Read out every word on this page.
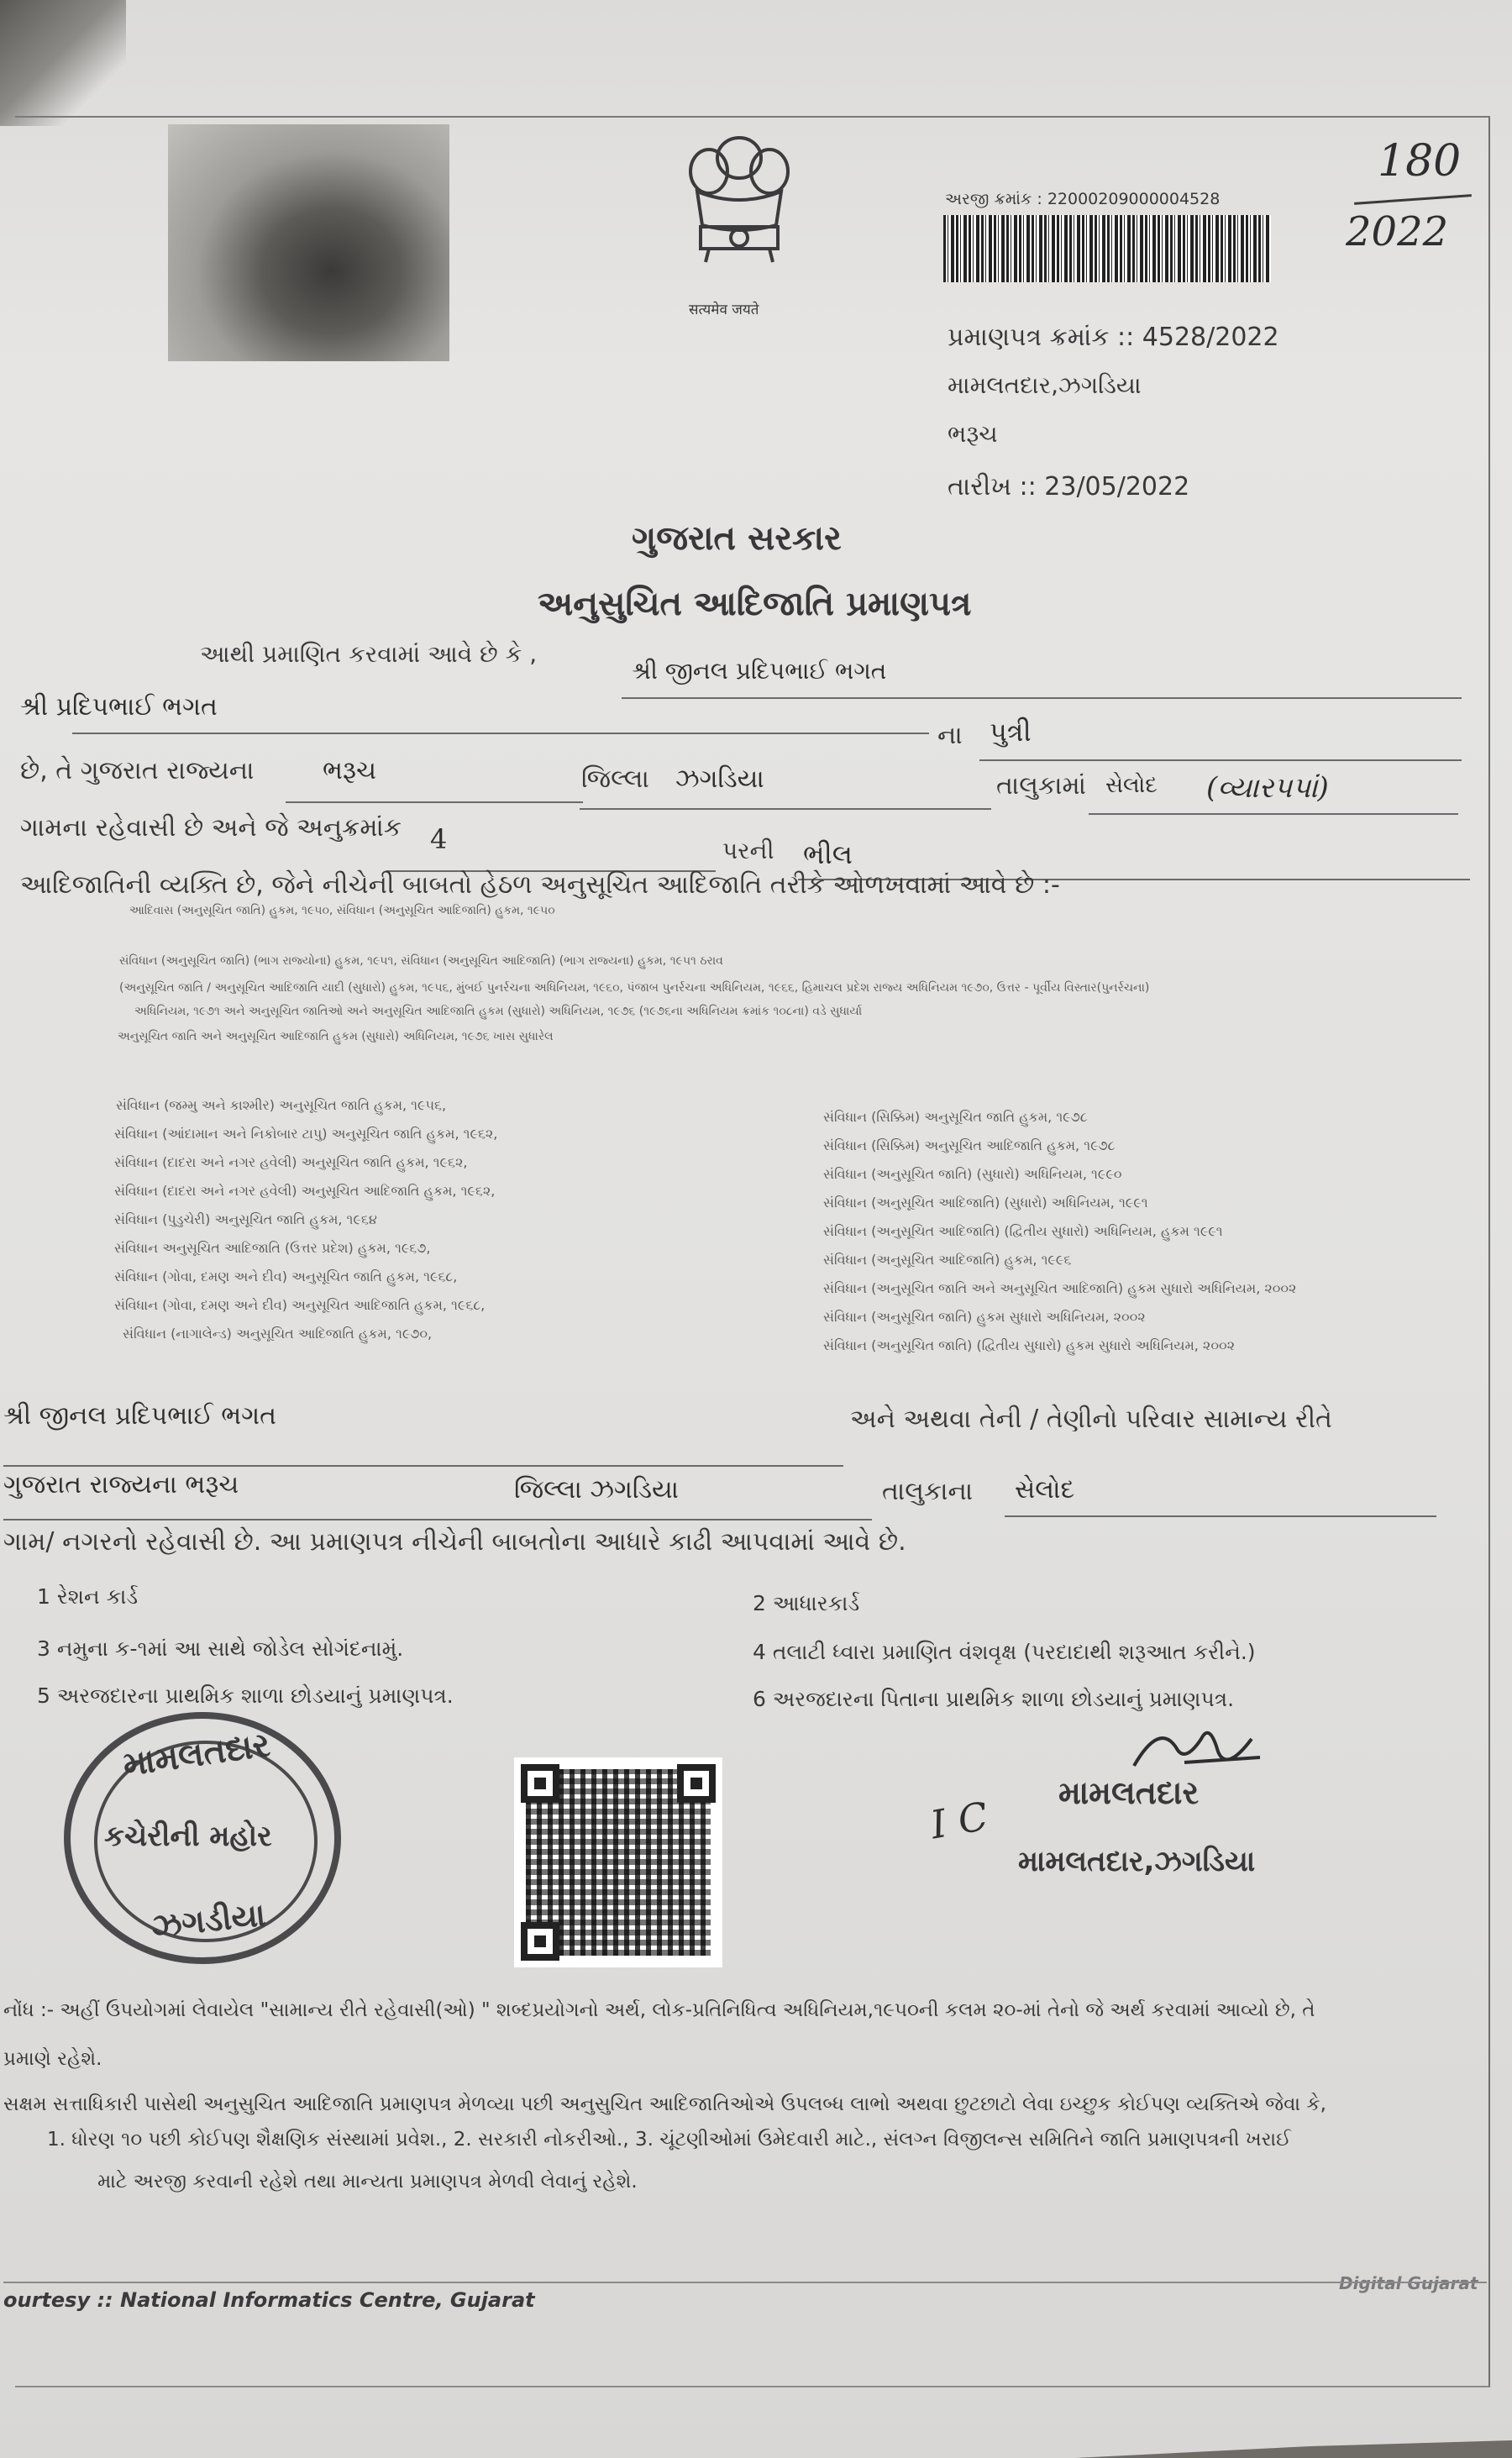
सत्यमेव जयते
અરજી ક્રમાંક : 22000209000004528
180
2022
પ્રમાણપત્ર ક્રમાંક :: 4528/2022
મામલતદાર,ઝગડિયા
ભરૂચ
તારીખ :: 23/05/2022
ગુજરાત સરકાર
અનુસુચિત આદિજાતિ પ્રમાણપત્ર
આથી પ્રમાણિત કરવામાં આવે છે કે ,
શ્રી જીનલ પ્રદિપભાઈ ભગત
શ્રી પ્રદિપભાઈ ભગત
ના પુત્રી
છે, તે ગુજરાત રાજ્યના	ભરૂચ	જિલ્લા ઝગડિયા	તાલુકામાં સેલોદ (વ્યારપપાં)
ગામના રહેવાસી છે અને જે અનુક્રમાંક 4	પરની ભીલ
આદિજાતિની વ્યક્તિ છે, જેને નીચેની બાબતો હેઠળ અનુસૂચિત આદિજાતિ તરીકે ઓળખવામાં આવે છે :-
આદિવાસ (અનુસૂચિત જાતિ) હુકમ, ૧૯૫૦, સંવિધાન (અનુસૂચિત આદિજાતિ) હુકમ, ૧૯૫૦
સંવિધાન (અનુસૂચિત જાતિ) (ભાગ રાજ્યોના) હુકમ, ૧૯૫૧, સંવિધાન (અનુસૂચિત આદિજાતિ) (ભાગ રાજ્યના) હુકમ, ૧૯૫૧ ઠરાવ
(અનુસૂચિત જાતિ / અનુસૂચિત આદિજાતિ યાદી (સુધારો) હુકમ, ૧૯૫૬, મુંબઈ પુનર્રચના અધિનિયમ, ૧૯૬૦, પંજાબ પુનર્રચના અધિનિયમ, ૧૯૬૬, હિમાચલ પ્રદેશ રાજ્ય અધિનિયમ ૧૯૭૦, ઉત્તર - પૂર્વીય વિસ્તાર(પુનર્રચના)
અધિનિયમ, ૧૯૭૧ અને અનુસૂચિત જાતિઓ અને અનુસૂચિત આદિજાતિ હુકમ (સુધારો) અધિનિયમ, ૧૯૭૬ (૧૯૭૬ના અધિનિયમ ક્રમાંક ૧૦૮ના) વડે સુધાર્યા
અનુસૂચિત જાતિ અને અનુસૂચિત આદિજાતિ હુકમ (સુધારો) અધિનિયમ, ૧૯૭૬ ખાસ સુધારેલ
સંવિધાન (જમ્મુ અને કાશ્મીર) અનુસૂચિત જાતિ હુકમ, ૧૯૫૬,
સંવિધાન (આંદામાન અને નિકોબાર ટાપુ) અનુસૂચિત જાતિ હુકમ, ૧૯૬૨,
સંવિધાન (દાદરા અને નગર હવેલી) અનુસૂચિત જાતિ હુકમ, ૧૯૬૨,
સંવિધાન (દાદરા અને નગર હવેલી) અનુસૂચિત આદિજાતિ હુકમ, ૧૯૬૨,
સંવિધાન (પુડુચેરી) અનુસૂચિત જાતિ હુકમ, ૧૯૬૪
સંવિધાન અનુસૂચિત આદિજાતિ (ઉત્તર પ્રદેશ) હુકમ, ૧૯૬૭,
સંવિધાન (ગોવા, દમણ અને દીવ) અનુસૂચિત જાતિ હુકમ, ૧૯૬૮,
સંવિધાન (ગોવા, દમણ અને દીવ) અનુસૂચિત આદિજાતિ હુકમ, ૧૯૬૮,
સંવિધાન (નાગાલેન્ડ) અનુસૂચિત આદિજાતિ હુકમ, ૧૯૭૦,
સંવિધાન (સિક્કિમ) અનુસૂચિત જાતિ હુકમ, ૧૯૭૮
સંવિધાન (સિક્કિમ) અનુસૂચિત આદિજાતિ હુકમ, ૧૯૭૮
સંવિધાન (અનુસૂચિત જાતિ) (સુધારો) અધિનિયમ, ૧૯૯૦
સંવિધાન (અનુસૂચિત આદિજાતિ) (સુધારો) અધિનિયમ, ૧૯૯૧
સંવિધાન (અનુસૂચિત આદિજાતિ) (દ્વિતીય સુધારો) અધિનિયમ, હુકમ ૧૯૯૧
સંવિધાન (અનુસૂચિત આદિજાતિ) હુકમ, ૧૯૯૬
સંવિધાન (અનુસૂચિત જાતિ અને અનુસૂચિત આદિજાતિ) હુકમ સુધારો અધિનિયમ, ૨૦૦૨
સંવિધાન (અનુસૂચિત જાતિ) હુકમ સુધારો અધિનિયમ, ૨૦૦૨
સંવિધાન (અનુસૂચિત જાતિ) (દ્વિતીય સુધારો) હુકમ સુધારો અધિનિયમ, ૨૦૦૨
શ્રી જીનલ પ્રદિપભાઈ ભગત	અને અથવા તેની / તેણીનો પરિવાર સામાન્ય રીતે
ગુજરાત રાજ્યના ભરૂચ	જિલ્લા ઝગડિયા	તાલુકાના સેલોદ
ગામ/ નગરનો રહેવાસી છે. આ પ્રમાણપત્ર નીચેની બાબતોના આધારે કાઢી આપવામાં આવે છે.
1 રેશન કાર્ડ	2 આધારકાર્ડ
3 નમુના ક-૧માં આ સાથે જોડેલ સોગંદનામું.	4 તલાટી ધ્વારા પ્રમાણિત વંશવૃક્ષ (પરદાદાથી શરૂઆત કરીને.)
5 અરજદારના પ્રાથમિક શાળા છોડયાનું પ્રમાણપત્ર.	6 અરજદારના પિતાના પ્રાથમિક શાળા છોડયાનું પ્રમાણપત્ર.
મામલતદાર
કચેરીની મહોર
ઝગડીયા
I C
મામલતદાર
મામલતદાર,ઝગડિયા
નોંધ :- અહીં ઉપયોગમાં લેવાયેલ "સામાન્ય રીતે રહેવાસી(ઓ) " શબ્દપ્રયોગનો અર્થ, લોક-પ્રતિનિધિત્વ અધિનિયમ,૧૯૫૦ની કલમ ૨૦-માં તેનો જે અર્થ કરવામાં આવ્યો છે, તે
પ્રમાણે રહેશે.
સક્ષમ સત્તાધિકારી પાસેથી અનુસુચિત આદિજાતિ પ્રમાણપત્ર મેળવ્યા પછી અનુસુચિત આદિજાતિઓએ ઉપલબ્ધ લાભો અથવા છુટછાટો લેવા ઇચ્છુક કોઈપણ વ્યક્તિએ જેવા કે,
1. ધોરણ ૧૦ પછી કોઈપણ શૈક્ષણિક સંસ્થામાં પ્રવેશ., 2. સરકારી નોકરીઓ., 3. ચૂંટણીઓમાં ઉમેદવારી માટે., સંલગ્ન વિજીલન્સ સમિતિને જાતિ પ્રમાણપત્રની ખરાઈ
માટે અરજી કરવાની રહેશે તથા માન્યતા પ્રમાણપત્ર મેળવી લેવાનું રહેશે.
ourtesy :: National Informatics Centre, Gujarat
Digital Gujarat
